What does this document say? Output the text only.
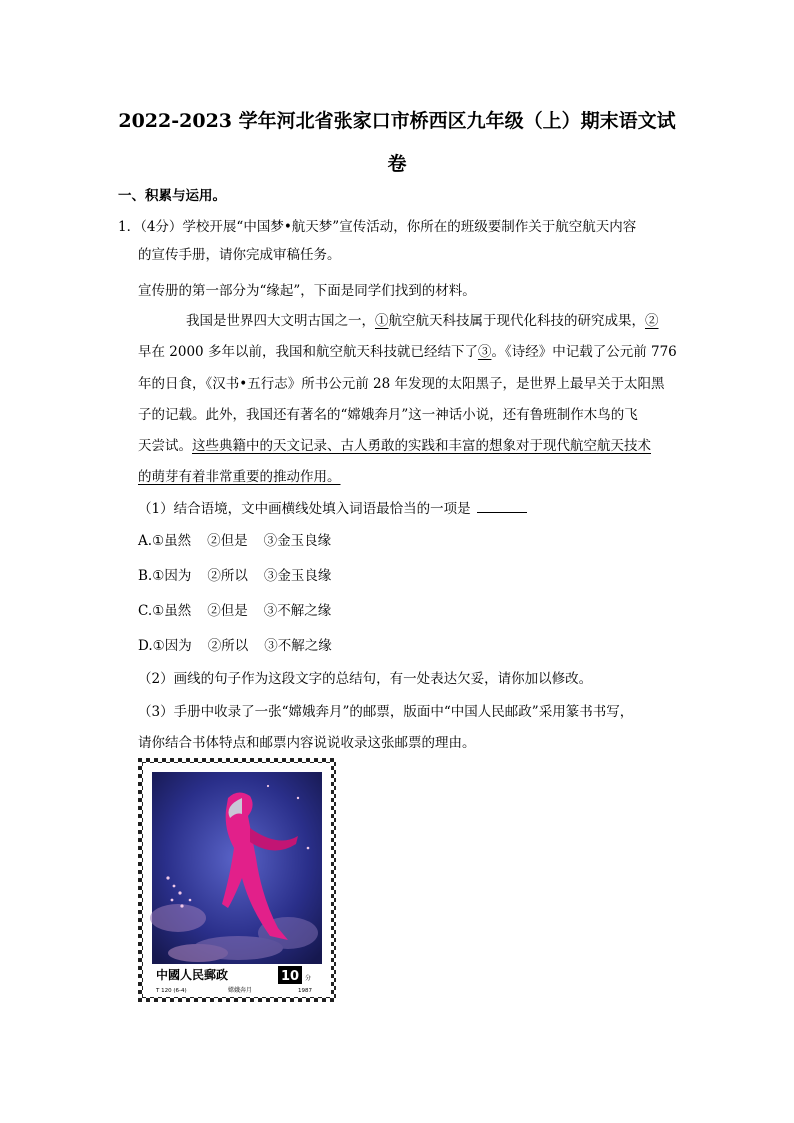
2022-2023 学年河北省张家口市桥西区九年级（上）期末语文试
卷
一、积累与运用。
1．（4分）学校开展“中国梦•航天梦”宣传活动，你所在的班级要制作关于航空航天内容
的宣传手册，请你完成审稿任务。
宣传册的第一部分为“缘起”，下面是同学们找到的材料。
我国是世界四大文明古国之一，①航空航天科技属于现代化科技的研究成果，②
早在 2000 多年以前，我国和航空航天科技就已经结下了③。《诗经》中记载了公元前 776
年的日食，《汉书•五行志》所书公元前 28 年发现的太阳黑子，是世界上最早关于太阳黑
子的记载。此外，我国还有著名的“嫦娥奔月”这一神话小说，还有鲁班制作木鸟的飞
天尝试。这些典籍中的天文记录、古人勇敢的实践和丰富的想象对于现代航空航天技术
的萌芽有着非常重要的推动作用。
（1）结合语境，文中画横线处填入词语最恰当的一项是
A.①虽然 ②但是 ③金玉良缘
B.①因为 ②所以 ③金玉良缘
C.①虽然 ②但是 ③不解之缘
D.①因为 ②所以 ③不解之缘
（2）画线的句子作为这段文字的总结句，有一处表达欠妥，请你加以修改。
（3）手册中收录了一张“嫦娥奔月”的邮票，版面中“中国人民邮政”采用篆书书写，
请你结合书体特点和邮票内容说说收录这张邮票的理由。
中國人民郵政	10 分
T 120 (6-4)	嫦娥奔月	1987
